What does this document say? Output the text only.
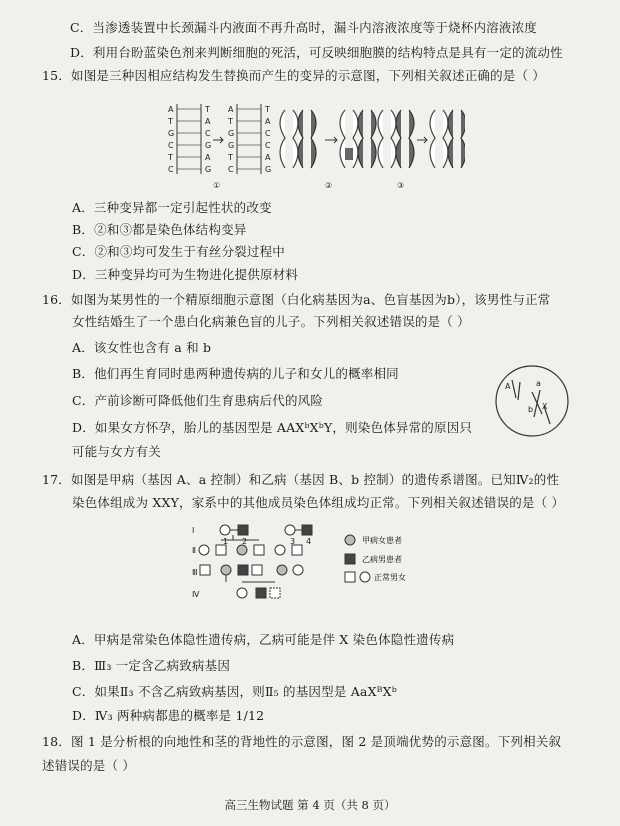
C．当渗透装置中长颈漏斗内液面不再升高时，漏斗内溶液浓度等于烧杯内溶液浓度
D．利用台盼蓝染色剂来判断细胞的死活，可反映细胞膜的结构特点是具有一定的流动性
15．如图是三种因相应结构发生替换而产生的变异的示意图，下列相关叙述正确的是（ ）
A	T
T	A
G	C
C	G
T	A
C	G
A	T
T	A
G	C
G	C
T	A
C	G
①	②	③
A．三种变异都一定引起性状的改变
B．②和③都是染色体结构变异
C．②和③均可发生于有丝分裂过程中
D．三种变异均可为生物进化提供原材料
16．如图为某男性的一个精原细胞示意图（白化病基因为a、色盲基因为b），该男性与正常
女性结婚生了一个患白化病兼色盲的儿子。下列相关叙述错误的是（ ）
A．该女性也含有 a 和 b
B．他们再生育同时患两种遗传病的儿子和女儿的概率相同
C．产前诊断可降低他们生育患病后代的风险
D．如果女方怀孕，胎儿的基因型是 AAXᵇXᵇY，则染色体异常的原因只
可能与女方有关
A	a
b X
17．如图是甲病（基因 A、a 控制）和乙病（基因 B、b 控制）的遗传系谱图。已知Ⅳ₂的性
染色体组成为 XXY，家系中的其他成员染色体组成均正常。下列相关叙述错误的是（ ）
Ⅰ
Ⅱ
Ⅲ
Ⅳ
1 2	3 4	甲病女患者
乙病男患者
正常男女
A．甲病是常染色体隐性遗传病，乙病可能是伴 X 染色体隐性遗传病
B．Ⅲ₃ 一定含乙病致病基因
C．如果Ⅱ₃ 不含乙病致病基因，则Ⅱ₅ 的基因型是 AaXᴮXᵇ
D．Ⅳ₃ 两种病都患的概率是 1/12
18．图 1 是分析根的向地性和茎的背地性的示意图，图 2 是顶端优势的示意图。下列相关叙
述错误的是（ ）
高三生物试题 第 4 页（共 8 页）
